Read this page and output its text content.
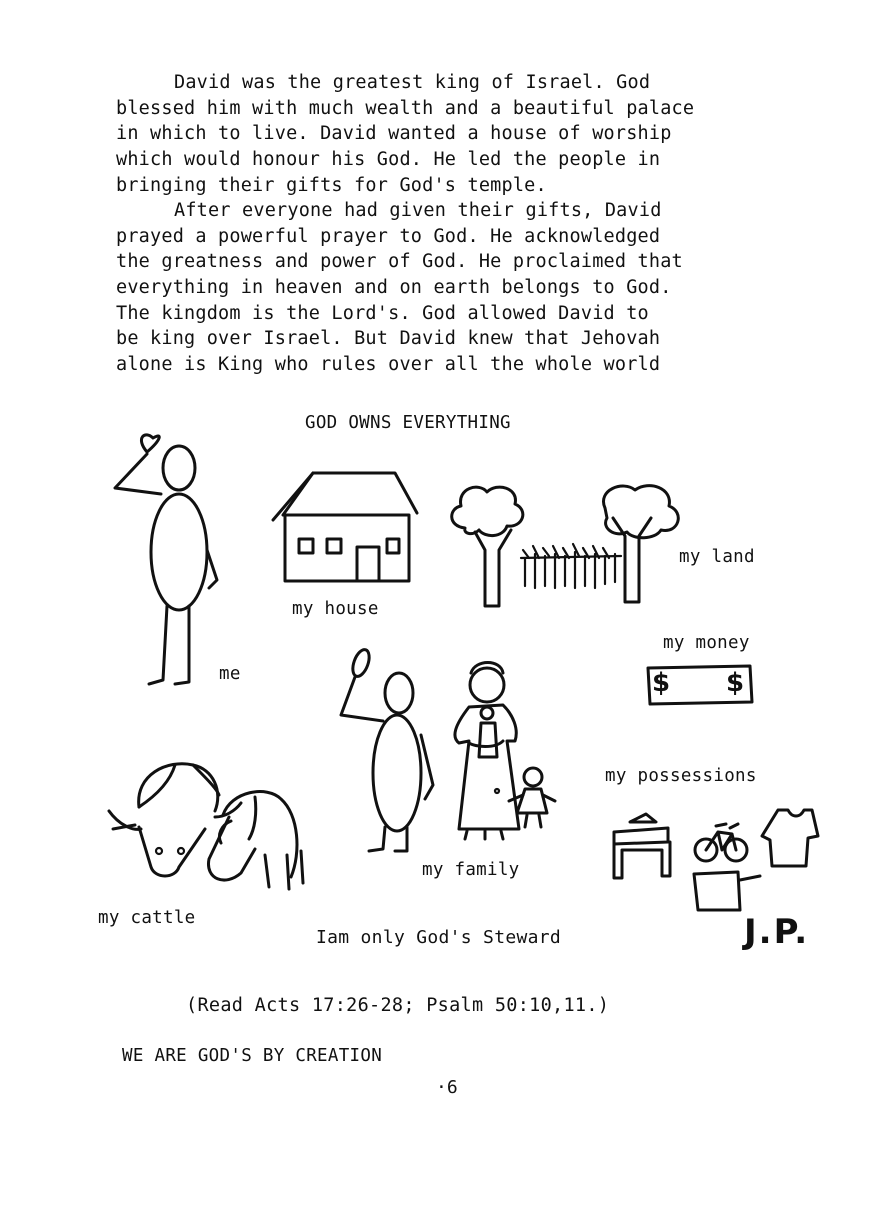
David was the greatest king of Israel. God
blessed him with much wealth and a beautiful palace
in which to live. David wanted a house of worship
which would honour his God. He led the people in
bringing their gifts for God's temple.
After everyone had given their gifts, David
prayed a powerful prayer to God. He acknowledged
the greatness and power of God. He proclaimed that
everything in heaven and on earth belongs to God.
The kingdom is the Lord's. God allowed David to
be king over Israel. But David knew that Jehovah
alone is King who rules over all the whole world
GOD OWNS EVERYTHING
me
my house
my land
my money
$ $
my family
my possessions
my cattle
Iam only God's Steward	J.P.
(Read Acts 17:26-28; Psalm 50:10,11.)
WE ARE GOD'S BY CREATION
·6
